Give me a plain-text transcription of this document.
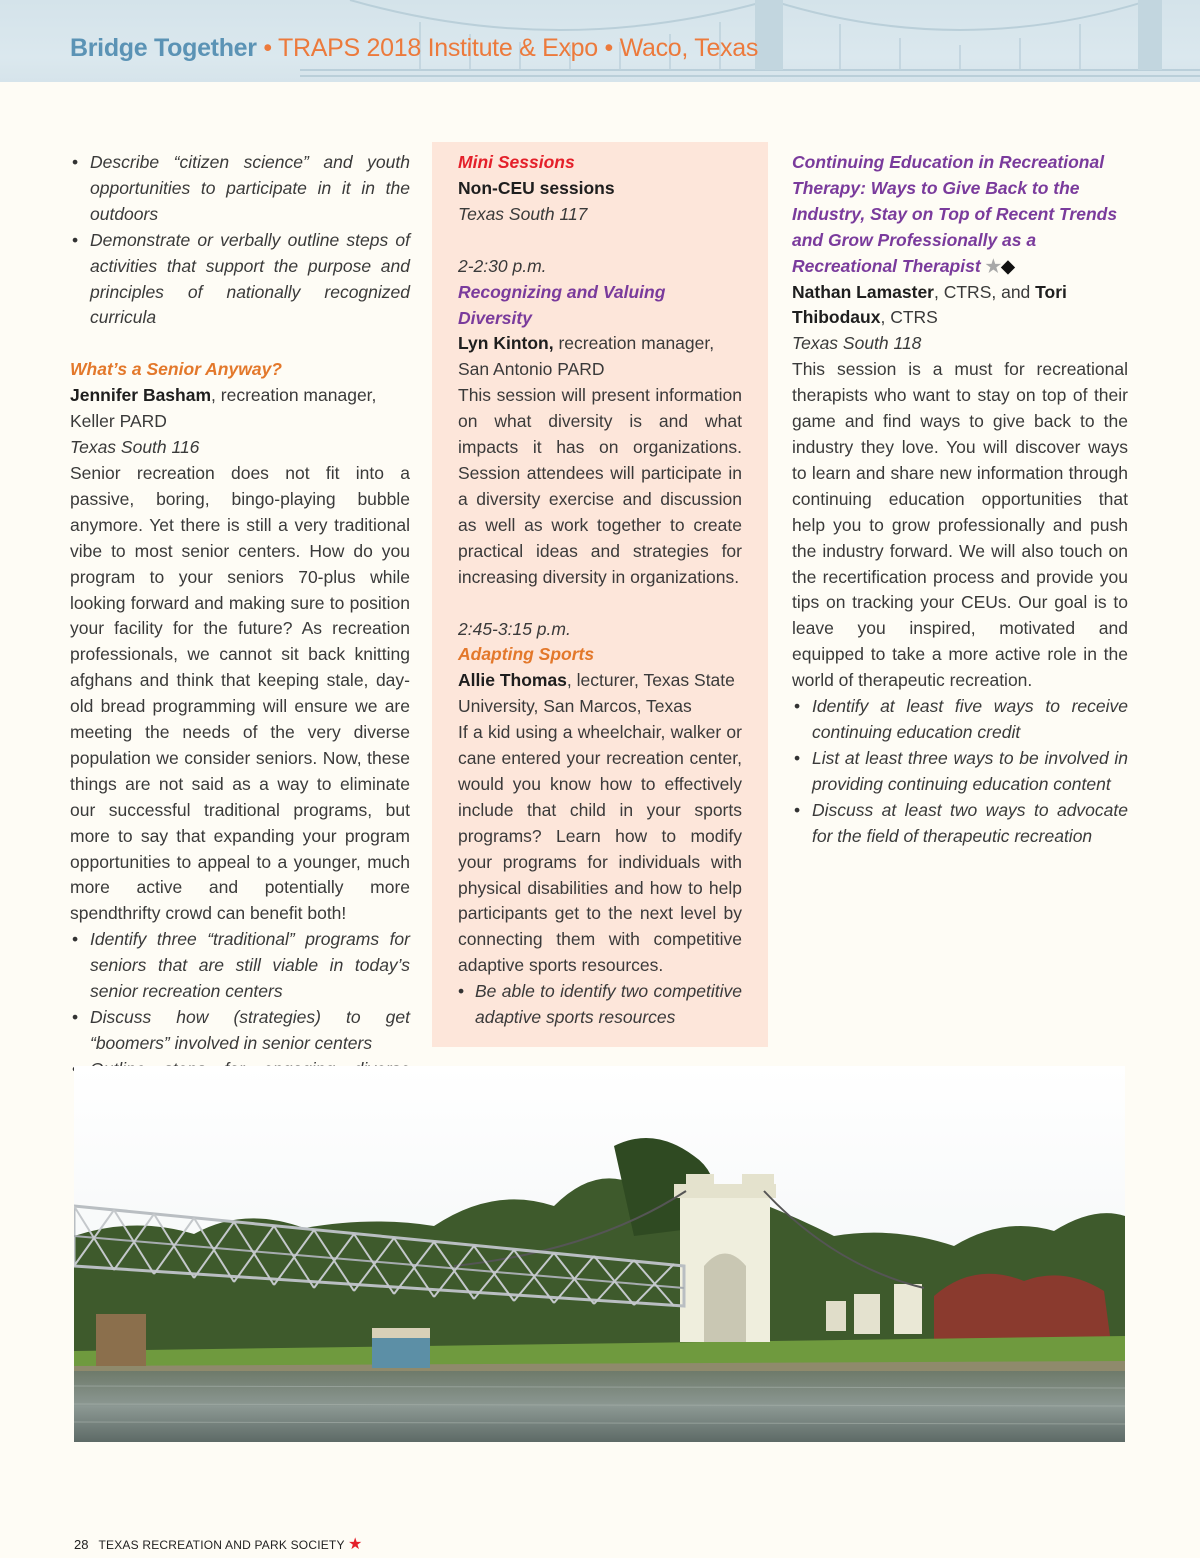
Bridge Together • TRAPS 2018 Institute & Expo • Waco, Texas
• Describe “citizen science” and youth opportunities to participate in it in the outdoors
• Demonstrate or verbally outline steps of activities that support the purpose and principles of nationally recognized curricula

What’s a Senior Anyway?

Jennifer Basham, recreation manager, Keller PARD

Texas South 116

Senior recreation does not fit into a passive, boring, bingo-playing bubble anymore. Yet there is still a very traditional vibe to most senior centers. How do you program to your seniors 70-plus while looking forward and making sure to position your facility for the future? As recreation professionals, we cannot sit back knitting afghans and think that keeping stale, day-old bread programming will ensure we are meeting the needs of the very diverse population we consider seniors. Now, these things are not said as a way to eliminate our successful traditional programs, but more to say that expanding your program opportunities to appeal to a younger, much more active and potentially more spendthrifty crowd can benefit both!

• Identify three “traditional” programs for seniors that are still viable in today’s senior recreation centers
• Discuss how (strategies) to get “boomers” involved in senior centers
•

Mini Sessions

Non-CEU sessions

Texas South 117

2-2:30 p.m.

Recognizing and Valuing Diversity

Lyn Kinton, recreation manager, San Antonio PARD

This session will present information on what diversity is and what impacts it has on organizations. Session attendees will participate in a diversity exercise and discussion as well as work together to create practical ideas and strategies for increasing diversity in organizations.

2:45-3:15 p.m.

Adapting Sports

Allie Thomas, lecturer, Texas State University, San Marcos, Texas

If a kid using a wheelchair, walker or cane entered your recreation center, would you know how to effectively include that child in your sports programs? Learn how to modify your programs for individuals with physical disabilities and how to help participants get to the next level by connecting them with competitive adaptive sports resources.

• Be able to identify two competitive adaptive sports resources

Continuing Education in Recreational Therapy: Ways to Give Back to the Industry, Stay on Top of Recent Trends and Grow Professionally as a Recreational Therapist ★◆

Nathan Lamaster, CTRS, and Tori Thibodaux, CTRS

Texas South 118

This session is a must for recreational therapists who want to stay on top of their game and find ways to give back to the industry they love. You will discover ways to learn and share new information through continuing education opportunities that help you to grow professionally and push the industry forward. We will also touch on the recertification process and provide you tips on tracking your CEUs. Our goal is to leave you inspired, motivated and equipped to take a more active role in the world of therapeutic recreation.

• Identify at least five ways to receive continuing education credit
• List at least three ways to be involved in providing continuing education content
• Discuss at least two ways to advocate for the field of therapeutic recreation
28 TEXAS RECREATION AND PARK SOCIETY ★
